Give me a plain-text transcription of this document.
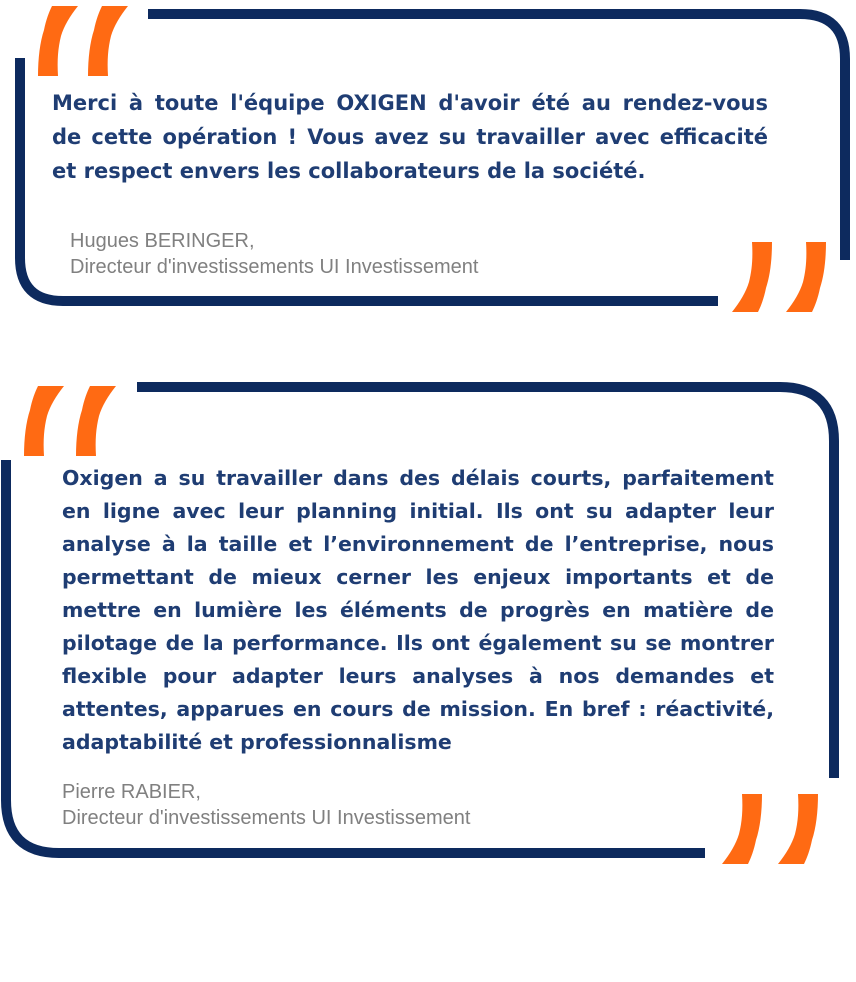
Merci à toute l'équipe OXIGEN d'avoir été au rendez-vous de cette opération ! Vous avez su travailler avec efficacité et respect envers les collaborateurs de la société.

Hugues BERINGER,
Directeur d'investissements UI Investissement

Oxigen a su travailler dans des délais courts, parfaitement en ligne avec leur planning initial. Ils ont su adapter leur analyse à la taille et l’environnement de l’entreprise, nous permettant de mieux cerner les enjeux importants et de mettre en lumière les éléments de progrès en matière de pilotage de la performance. Ils ont également su se montrer flexible pour adapter leurs analyses à nos demandes et attentes, apparues en cours de mission. En bref : réactivité, adaptabilité et professionnalisme

Pierre RABIER,
Directeur d'investissements UI Investissement
